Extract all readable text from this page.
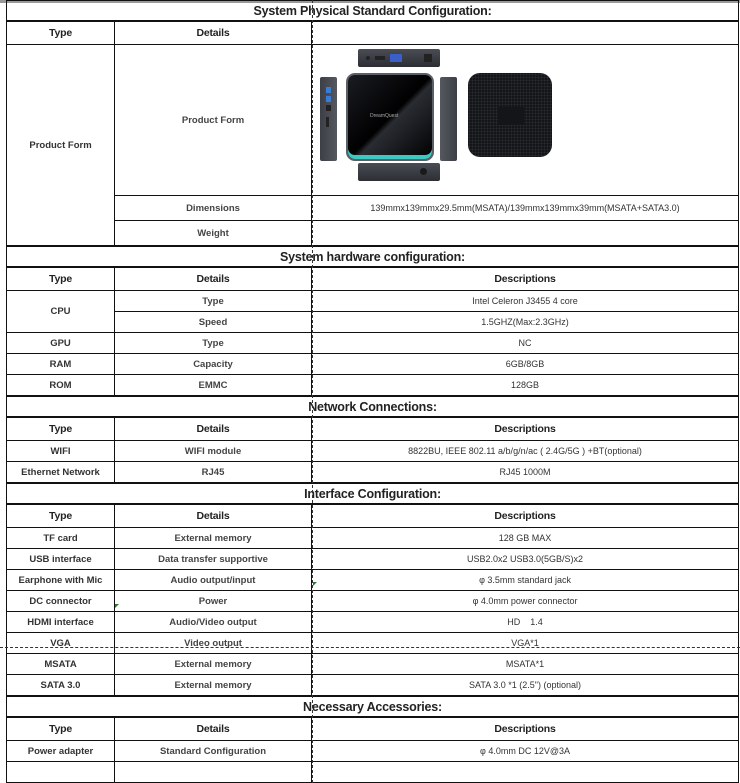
System Physical Standard Configuration:		
Type	Details	
Product Form	Product Form	DreamQuest

	Dimensions	139mmx139mmx29.5mm(MSATA)/139mmx139mmx39mm(MSATA+SATA3.0)
	Weight	
System hardware configuration:		
Type	Details	Descriptions
CPU	Type	Intel Celeron J3455 4 core
	Speed	1.5GHZ(Max:2.3GHz)
GPU	Type	NC
RAM	Capacity	6GB/8GB
ROM	EMMC	128GB
Network Connections:		
Type	Details	Descriptions
WIFI	WIFI module	8822BU, IEEE 802.11 a/b/g/n/ac ( 2.4G/5G ) +BT(optional)
Ethernet Network	RJ45	RJ45 1000M
Interface Configuration:		
Type	Details	Descriptions
TF card	External memory	128 GB MAX
USB interface	Data transfer supportive	USB2.0x2 USB3.0(5GB/S)x2
Earphone with Mic	Audio output/input	φ 3.5mm standard jack
DC connector	Power	φ 4.0mm power connector
HDMI interface	Audio/Video output	HD    1.4
VGA	Video output	VGA*1
MSATA	External memory	MSATA*1
SATA 3.0	External memory	SATA 3.0 *1 (2.5") (optional)
Necessary Accessories:		
Type	Details	Descriptions
Power adapter	Standard Configuration	φ 4.0mm DC 12V@3A
